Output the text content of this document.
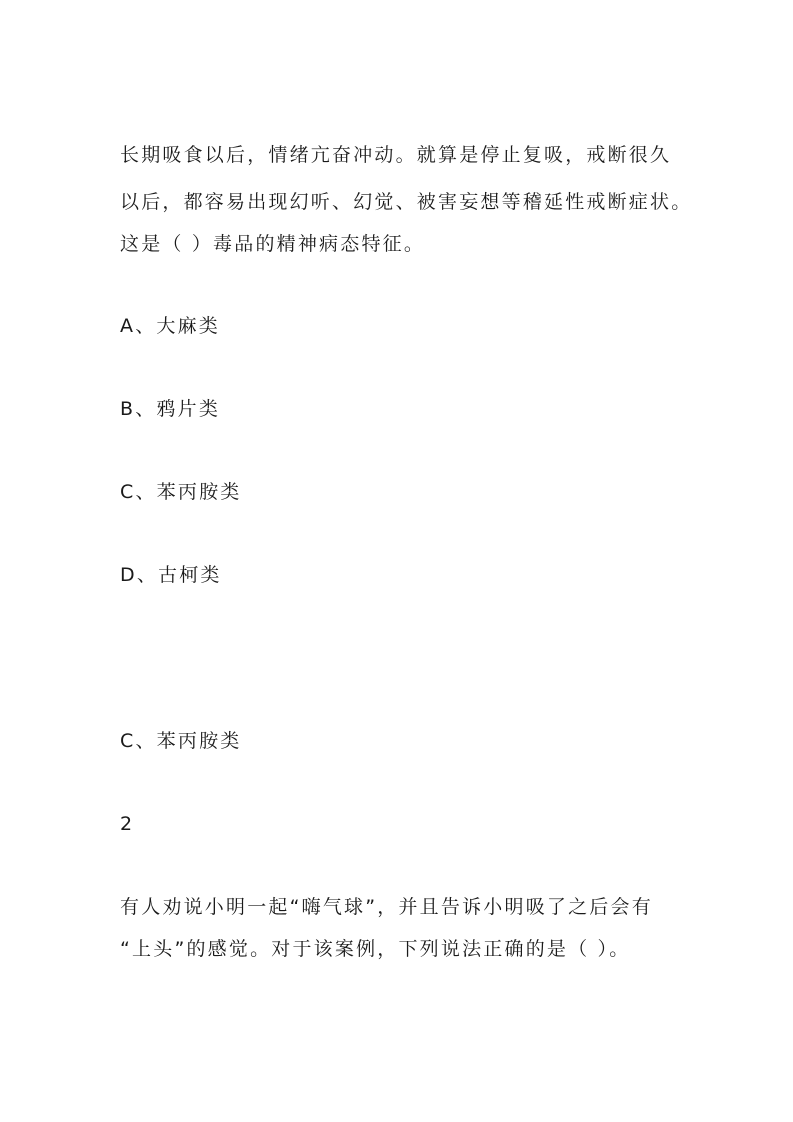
长期吸食以后，情绪亢奋冲动。就算是停止复吸，戒断很久
以后，都容易出现幻听、幻觉、被害妄想等稽延性戒断症状。
这是（ ）毒品的精神病态特征。
A、大麻类
B、鸦片类
C、苯丙胺类
D、古柯类
C、苯丙胺类
2
有人劝说小明一起“嗨气球”，并且告诉小明吸了之后会有
“上头”的感觉。对于该案例，下列说法正确的是（ ）。
